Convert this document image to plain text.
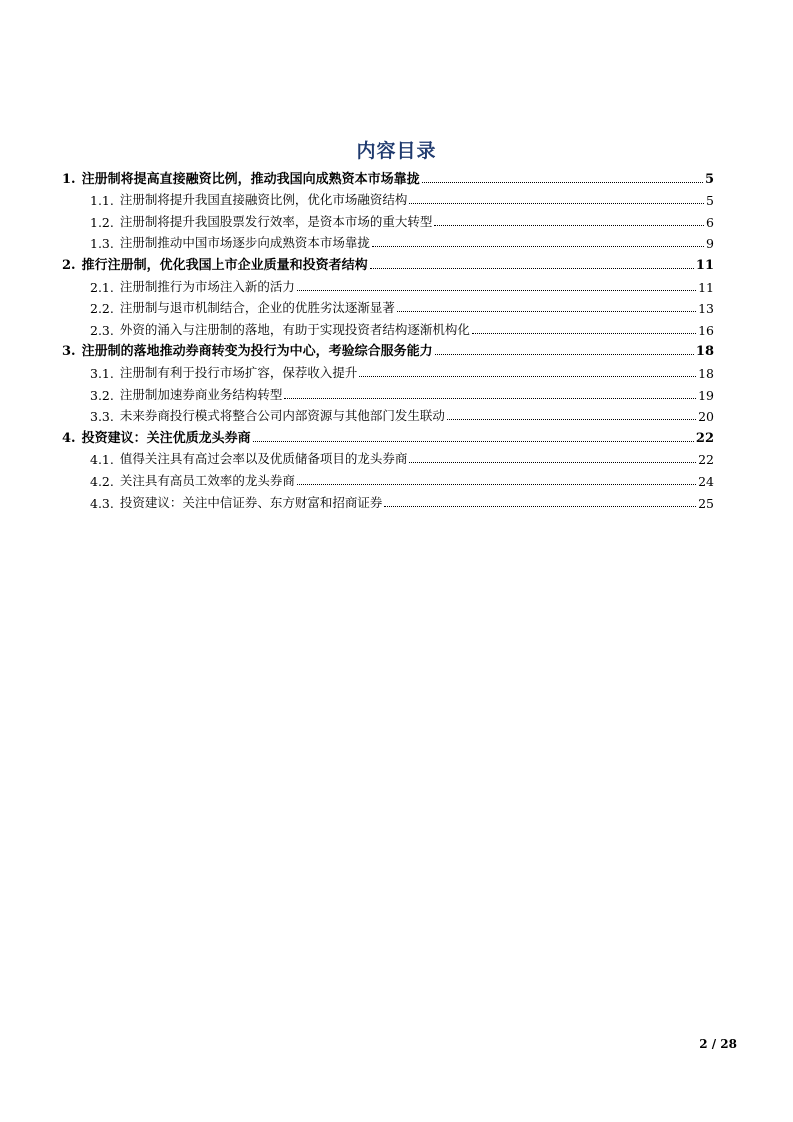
内容目录
1. 注册制将提高直接融资比例，推动我国向成熟资本市场靠拢	5
1.1. 注册制将提升我国直接融资比例，优化市场融资结构	5
1.2. 注册制将提升我国股票发行效率，是资本市场的重大转型	6
1.3. 注册制推动中国市场逐步向成熟资本市场靠拢	9
2. 推行注册制，优化我国上市企业质量和投资者结构	11
2.1. 注册制推行为市场注入新的活力	11
2.2. 注册制与退市机制结合，企业的优胜劣汰逐渐显著	13
2.3. 外资的涌入与注册制的落地，有助于实现投资者结构逐渐机构化	16
3. 注册制的落地推动券商转变为投行为中心，考验综合服务能力	18
3.1. 注册制有利于投行市场扩容，保荐收入提升	18
3.2. 注册制加速券商业务结构转型	19
3.3. 未来券商投行模式将整合公司内部资源与其他部门发生联动	20
4. 投资建议：关注优质龙头券商	22
4.1. 值得关注具有高过会率以及优质储备项目的龙头券商	22
4.2. 关注具有高员工效率的龙头券商	24
4.3. 投资建议：关注中信证券、东方财富和招商证券	25
2 / 28
